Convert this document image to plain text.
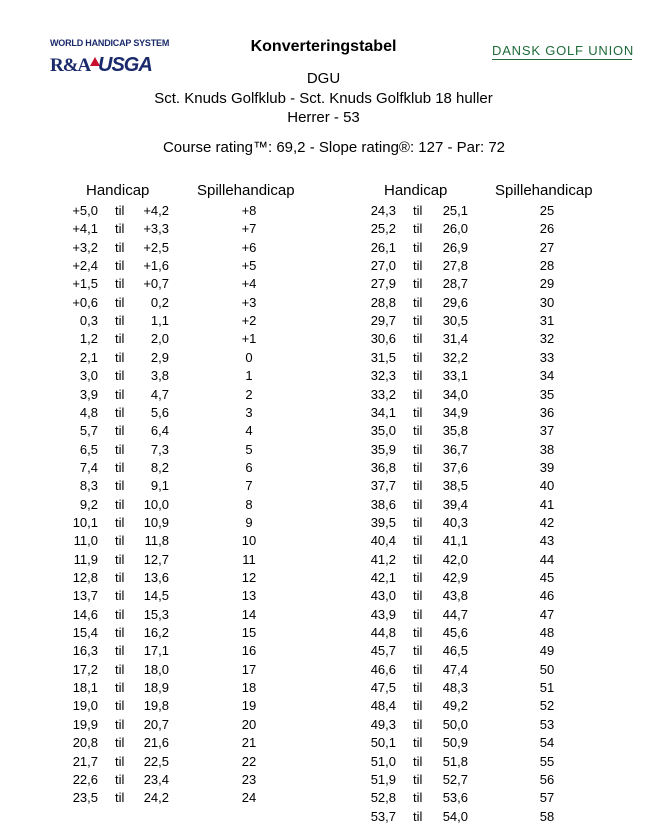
WORLD HANDICAP SYSTEM
R&A USGA
DANSK GOLF UNION
Konverteringstabel
DGU
Sct. Knuds Golfklub - Sct. Knuds Golfklub 18 huller
Herrer - 53
Course rating™: 69,2 - Slope rating®: 127 - Par: 72
Handicap	Spillehandicap	Handicap	Spillehandicap
+5,0 til	+4,2	+8
+4,1 til	+3,3	+7
+3,2 til	+2,5	+6
+2,4 til	+1,6	+5
+1,5 til	+0,7	+4
+0,6 til	0,2	+3
0,3 til	1,1	+2
1,2 til	2,0	+1
2,1 til	2,9	0
3,0 til	3,8	1
3,9 til	4,7	2
4,8 til	5,6	3
5,7 til	6,4	4
6,5 til	7,3	5
7,4 til	8,2	6
8,3 til	9,1	7
9,2 til	10,0	8
10,1 til	10,9	9
11,0 til	11,8	10
11,9 til	12,7	11
12,8 til	13,6	12
13,7 til	14,5	13
14,6 til	15,3	14
15,4 til	16,2	15
16,3 til	17,1	16
17,2 til	18,0	17
18,1 til	18,9	18
19,0 til	19,8	19
19,9 til	20,7	20
20,8 til	21,6	21
21,7 til	22,5	22
22,6 til	23,4	23
23,5 til	24,2	24
24,3 til	25,1	25
25,2 til	26,0	26
26,1 til	26,9	27
27,0 til	27,8	28
27,9 til	28,7	29
28,8 til	29,6	30
29,7 til	30,5	31
30,6 til	31,4	32
31,5 til	32,2	33
32,3 til	33,1	34
33,2 til	34,0	35
34,1 til	34,9	36
35,0 til	35,8	37
35,9 til	36,7	38
36,8 til	37,6	39
37,7 til	38,5	40
38,6 til	39,4	41
39,5 til	40,3	42
40,4 til	41,1	43
41,2 til	42,0	44
42,1 til	42,9	45
43,0 til	43,8	46
43,9 til	44,7	47
44,8 til	45,6	48
45,7 til	46,5	49
46,6 til	47,4	50
47,5 til	48,3	51
48,4 til	49,2	52
49,3 til	50,0	53
50,1 til	50,9	54
51,0 til	51,8	55
51,9 til	52,7	56
52,8 til	53,6	57
53,7 til	54,0	58
